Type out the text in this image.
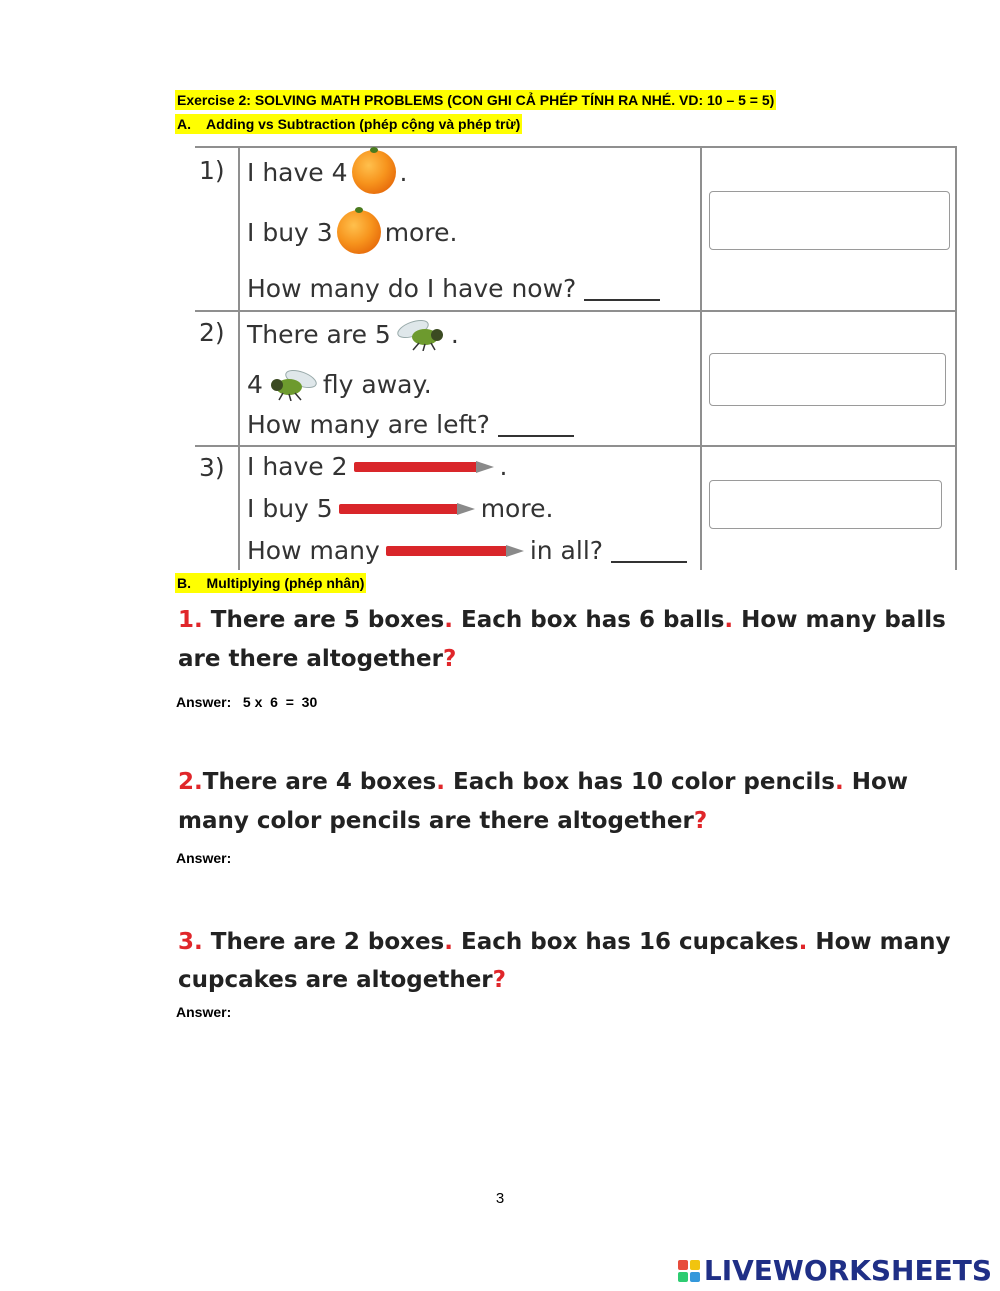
Exercise 2: SOLVING MATH PROBLEMS (CON GHI CẢ PHÉP TÍNH RA NHÉ. VD: 10 – 5 = 5)
A.    Adding vs Subtraction (phép cộng và phép trừ)
1) I have 4 .
I buy 3 more.
How many do I have now?
2) There are 5 .
4 fly away.
How many are left?
3) I have 2	.
I buy 5	more.
How many	in all?
B.    Multiplying (phép nhân)
1. There are 5 boxes. Each box has 6 balls. How many balls
are there altogether?
Answer: 5 x  6  =  30
2.There are 4 boxes. Each box has 10 color pencils. How
many color pencils are there altogether?
Answer:
3. There are 2 boxes. Each box has 16 cupcakes. How many
cupcakes are altogether?
Answer:
3
LIVEWORKSHEETS
